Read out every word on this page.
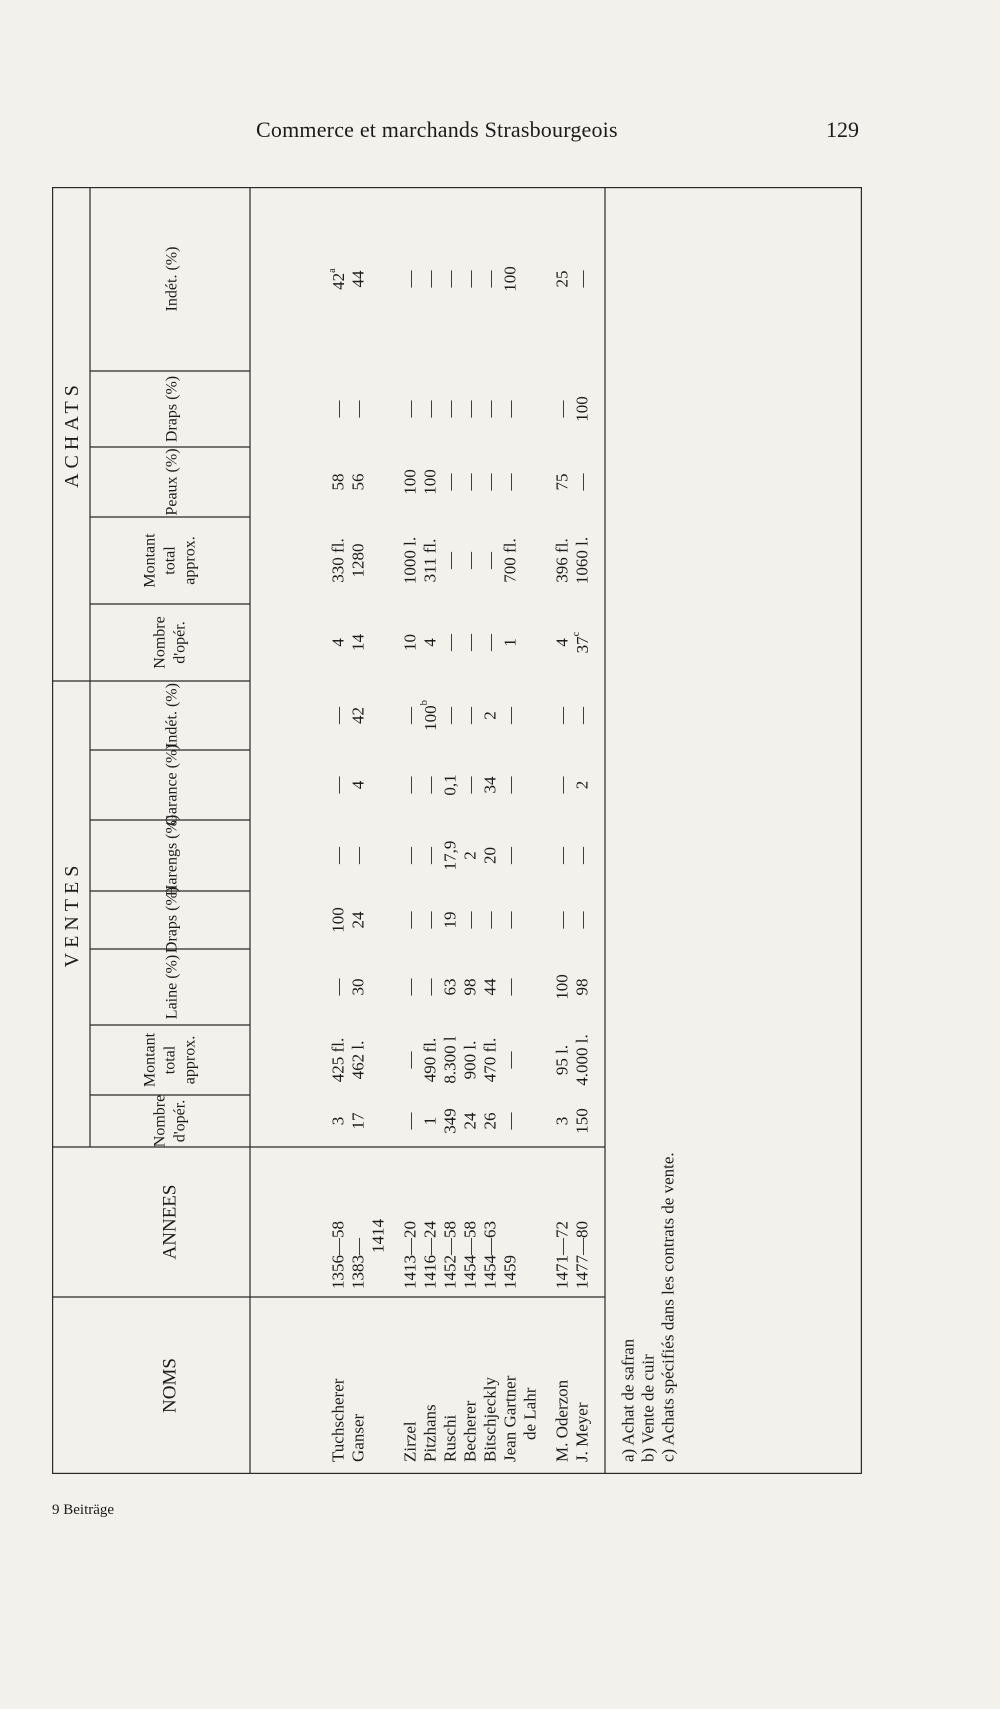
Commerce et marchands Strasbourgeois	129
VENTES
ACHATS
NOMS
ANNEES
Nombre d'opér.
Montant total approx.
Laine (%)
Draps (%)
Harengs (%)
Garance (%)
Indét. (%)
Nombre d'opér.
Montant total approx.
Peaux (%)
Draps (%)
Indét. (%)
Tuchscherer
1356—58
3
425 fl.
—
100
—
—
—
4
330 fl.
58
—
42$^a$
Ganser
1383—
1414
17
462 l.
30
24
—
4
42
14
1280
56
—
44
Zirzel
1413—20
—
—
—
—
—
—
—
10
1000 l.
100
—
—
Pitzhans
1416—24
1
490 fl.
—
—
—
—
100$^b$
4
311 fl.
100
—
—
Ruschi
1452—58
349
8.300 l
63
19
17,9
0,1
—
—
—
—
—
—
Becherer
1454—58
24
900 l.
98
—
2
—
—
—
—
—
—
—
Bitschjeckly
1454—63
26
470 fl.
44
—
20
34
2
—
—
—
—
—
Jean Gartner de Lahr
1459
—
—
—
—
—
—
—
1
700 fl.
—
—
100
M. Oderzon
1471—72
3
95 l.
100
—
—
—
—
4
396 fl.
75
—
25
J. Meyer
1477—80
150
4.000 l.
98
—
—
2
—
37$^c$
1060 l.
—
100
—
a) Achat de safran b) Vente de cuir c) Achats spécifiés dans les contrats de vente.
9 Beiträge
